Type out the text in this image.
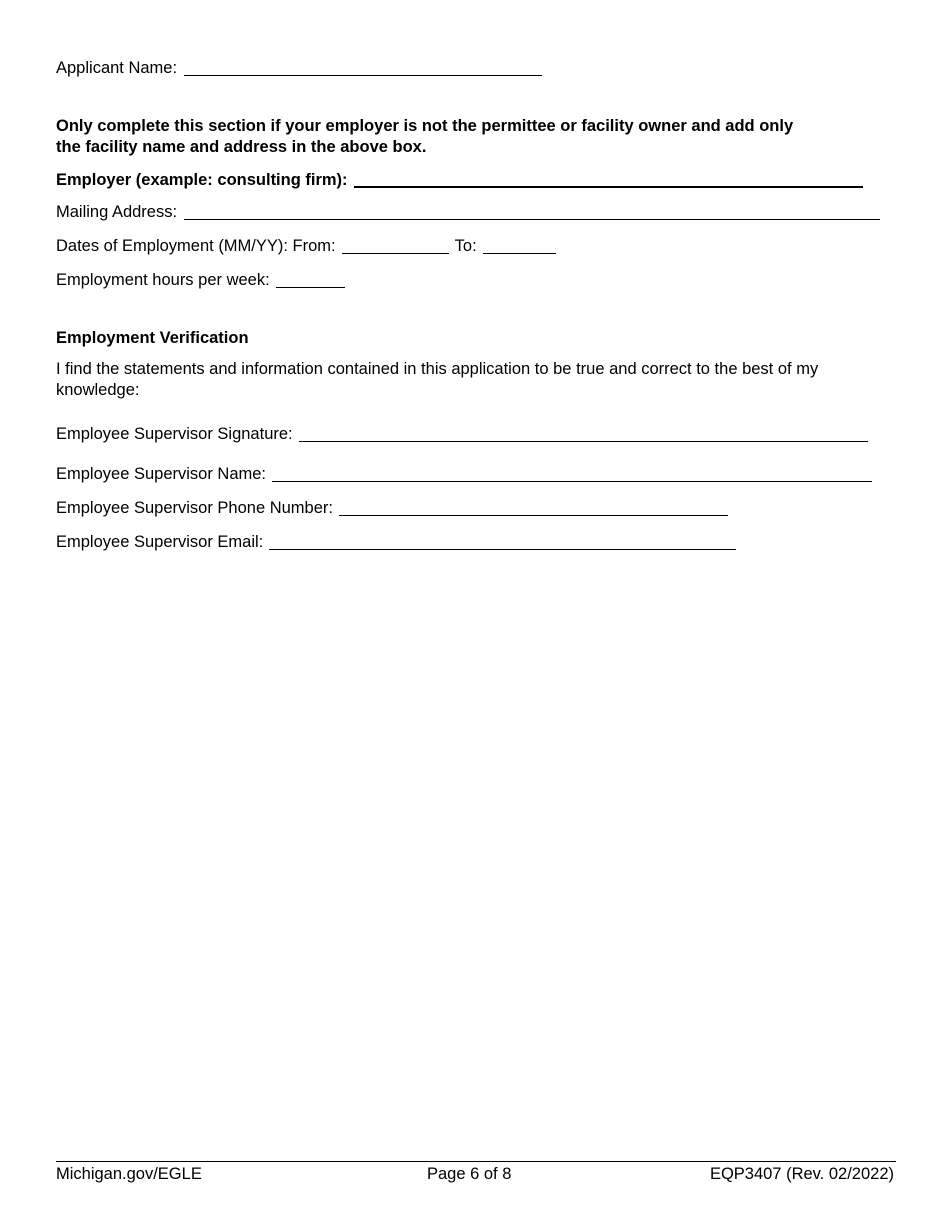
Applicant Name:
Only complete this section if your employer is not the permittee or facility owner and add only
the facility name and address in the above box.
Employer (example: consulting firm):
Mailing Address:
Dates of Employment (MM/YY): From:	To:
Employment hours per week:
Employment Verification
I find the statements and information contained in this application to be true and correct to the best of my
knowledge:
Employee Supervisor Signature:
Employee Supervisor Name:
Employee Supervisor Phone Number:
Employee Supervisor Email:
Michigan.gov/EGLE	Page 6 of 8	EQP3407 (Rev. 02/2022)
